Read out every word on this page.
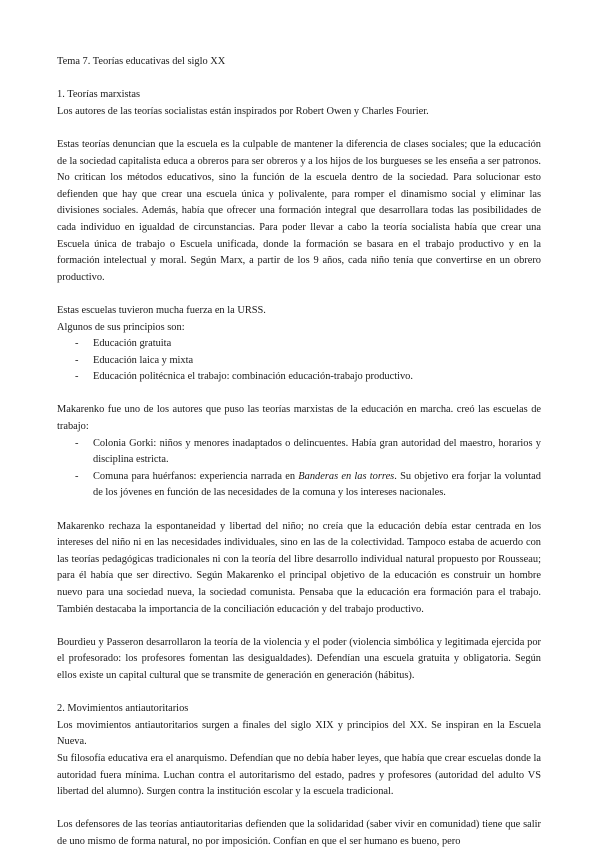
Tema 7. Teorías educativas del siglo XX

1. Teorías marxistas

Los autores de las teorías socialistas están inspirados por Robert Owen y Charles Fourier.

Estas teorías denuncian que la escuela es la culpable de mantener la diferencia de clases sociales; que la educación de la sociedad capitalista educa a obreros para ser obreros y a los hijos de los burgueses se les enseña a ser patronos. No critican los métodos educativos, sino la función de la escuela dentro de la sociedad. Para solucionar esto defienden que hay que crear una escuela única y polivalente, para romper el dinamismo social y eliminar las divisiones sociales. Además, había que ofrecer una formación integral que desarrollara todas las posibilidades de cada individuo en igualdad de circunstancias. Para poder llevar a cabo la teoría socialista había que crear una Escuela única de trabajo o Escuela unificada, donde la formación se basara en el trabajo productivo y en la formación intelectual y moral. Según Marx, a partir de los 9 años, cada niño tenía que convertirse en un obrero productivo.

Estas escuelas tuvieron mucha fuerza en la URSS.

Algunos de sus principios son:

- Educación gratuita
- Educación laica y mixta
- Educación politécnica el trabajo: combinación educación-trabajo productivo.

Makarenko fue uno de los autores que puso las teorías marxistas de la educación en marcha. creó las escuelas de trabajo:

- Colonia Gorki: niños y menores inadaptados o delincuentes. Había gran autoridad del maestro, horarios y disciplina estricta.
- Comuna para huérfanos: experiencia narrada en Banderas en las torres. Su objetivo era forjar la voluntad de los jóvenes en función de las necesidades de la comuna y los intereses nacionales.

Makarenko rechaza la espontaneidad y libertad del niño; no creía que la educación debía estar centrada en los intereses del niño ni en las necesidades individuales, sino en las de la colectividad. Tampoco estaba de acuerdo con las teorías pedagógicas tradicionales ni con la teoría del libre desarrollo individual natural propuesto por Rousseau; para él había que ser directivo. Según Makarenko el principal objetivo de la educación es construir un hombre nuevo para una sociedad nueva, la sociedad comunista. Pensaba que la educación era formación para el trabajo. También destacaba la importancia de la conciliación educación y del trabajo productivo.

Bourdieu y Passeron desarrollaron la teoría de la violencia y el poder (violencia simbólica y legitimada ejercida por el profesorado: los profesores fomentan las desigualdades). Defendían una escuela gratuita y obligatoria. Según ellos existe un capital cultural que se transmite de generación en generación (hábitus).

2. Movimientos antiautoritarios

Los movimientos antiautoritarios surgen a finales del siglo XIX y principios del XX. Se inspiran en la Escuela Nueva.

Su filosofía educativa era el anarquismo. Defendían que no debía haber leyes, que había que crear escuelas donde la autoridad fuera mínima. Luchan contra el autoritarismo del estado, padres y profesores (autoridad del adulto VS libertad del alumno). Surgen contra la institución escolar y la escuela tradicional.

Los defensores de las teorías antiautoritarias defienden que la solidaridad (saber vivir en comunidad) tiene que salir de uno mismo de forma natural, no por imposición. Confían en que el ser humano es bueno, pero
